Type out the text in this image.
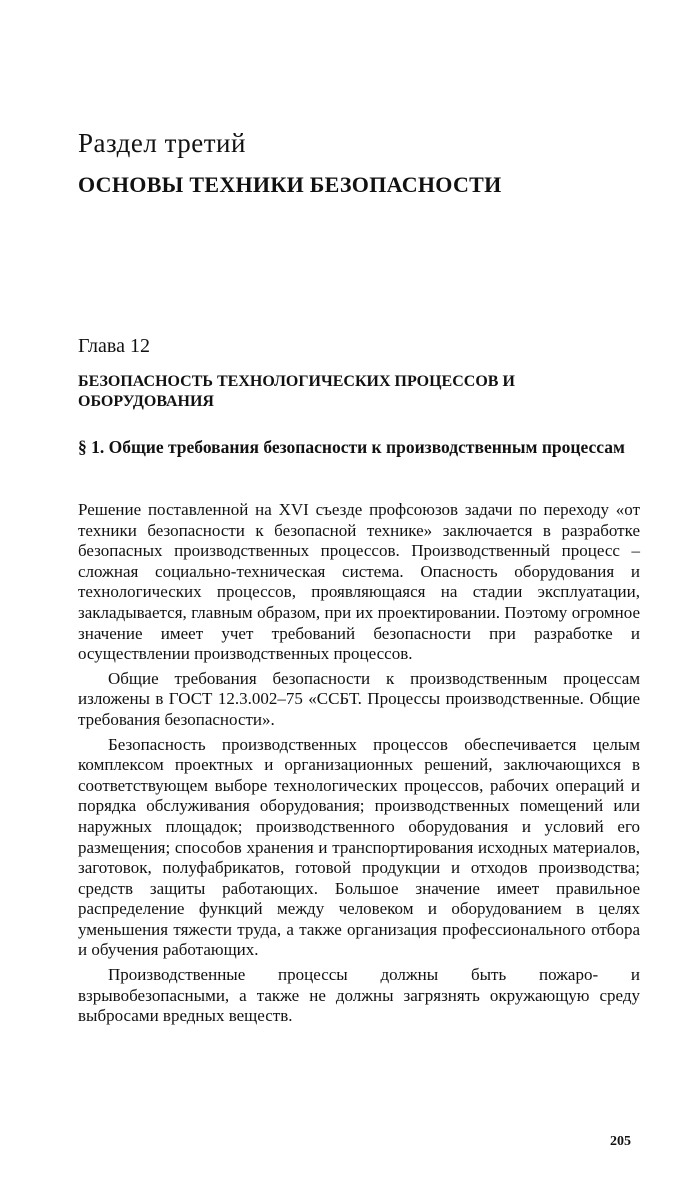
Раздел третий
ОСНОВЫ ТЕХНИКИ БЕЗОПАСНОСТИ
Глава 12
БЕЗОПАСНОСТЬ ТЕХНОЛОГИЧЕСКИХ ПРОЦЕССОВ И ОБОРУДОВАНИЯ
§ 1. Общие требования безопасности к производственным процессам

Решение поставленной на XVI съезде профсоюзов задачи по переходу «от техники безопасности к безопасной технике» заключается в разработке безопасных производственных процессов. Производственный процесс – сложная социально-техническая система. Опасность оборудования и технологических процессов, проявляющаяся на стадии эксплуатации, закладывается, главным образом, при их проектировании. Поэтому огромное значение имеет учет требований безопасности при разработке и осуществлении производственных процессов.

Общие требования безопасности к производственным процессам изложены в ГОСТ 12.3.002–75 «ССБТ. Процессы производственные. Общие требования безопасности».

Безопасность производственных процессов обеспечивается целым комплексом проектных и организационных решений, заключающихся в соответствующем выборе технологических процессов, рабочих операций и порядка обслуживания оборудования; производственных помещений или наружных площадок; производственного оборудования и условий его размещения; способов хранения и транспортирования исходных материалов, заготовок, полуфабрикатов, готовой продукции и отходов производства; средств защиты работающих. Большое значение имеет правильное распределение функций между человеком и оборудованием в целях уменьшения тяжести труда, а также организация профессионального отбора и обучения работающих.

Производственные процессы должны быть пожаро- и взрывобезопасными, а также не должны загрязнять окружающую среду выбросами вредных веществ.

205
